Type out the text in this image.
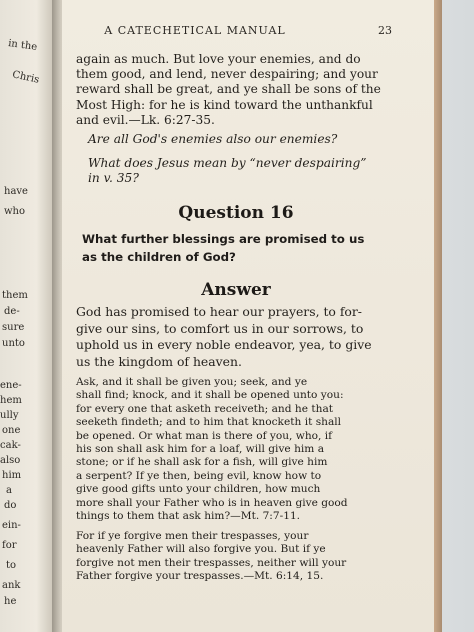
in the
Chris
have
who
them
de-
sure
unto
ene-
hem
ully
one
cak-
also
him
a
do
ein-
for
to
ank
he
A CATECHETICAL MANUAL	23
again as much. But love your enemies, and do
them good, and lend, never despairing; and your
reward shall be great, and ye shall be sons of the
Most High: for he is kind toward the unthankful
and evil.—Lk. 6:27-35.
Are all God's enemies also our enemies?
What does Jesus mean by “never despairing”
in v. 35?
Question 16
What further blessings are promised to us
as the children of God?
Answer
God has promised to hear our prayers, to for-
give our sins, to comfort us in our sorrows, to
uphold us in every noble endeavor, yea, to give
us the kingdom of heaven.
Ask, and it shall be given you; seek, and ye
shall find; knock, and it shall be opened unto you:
for every one that asketh receiveth; and he that
seeketh findeth; and to him that knocketh it shall
be opened. Or what man is there of you, who, if
his son shall ask him for a loaf, will give him a
stone; or if he shall ask for a fish, will give him
a serpent? If ye then, being evil, know how to
give good gifts unto your children, how much
more shall your Father who is in heaven give good
things to them that ask him?—Mt. 7:7-11.
For if ye forgive men their trespasses, your
heavenly Father will also forgive you. But if ye
forgive not men their trespasses, neither will your
Father forgive your trespasses.—Mt. 6:14, 15.
